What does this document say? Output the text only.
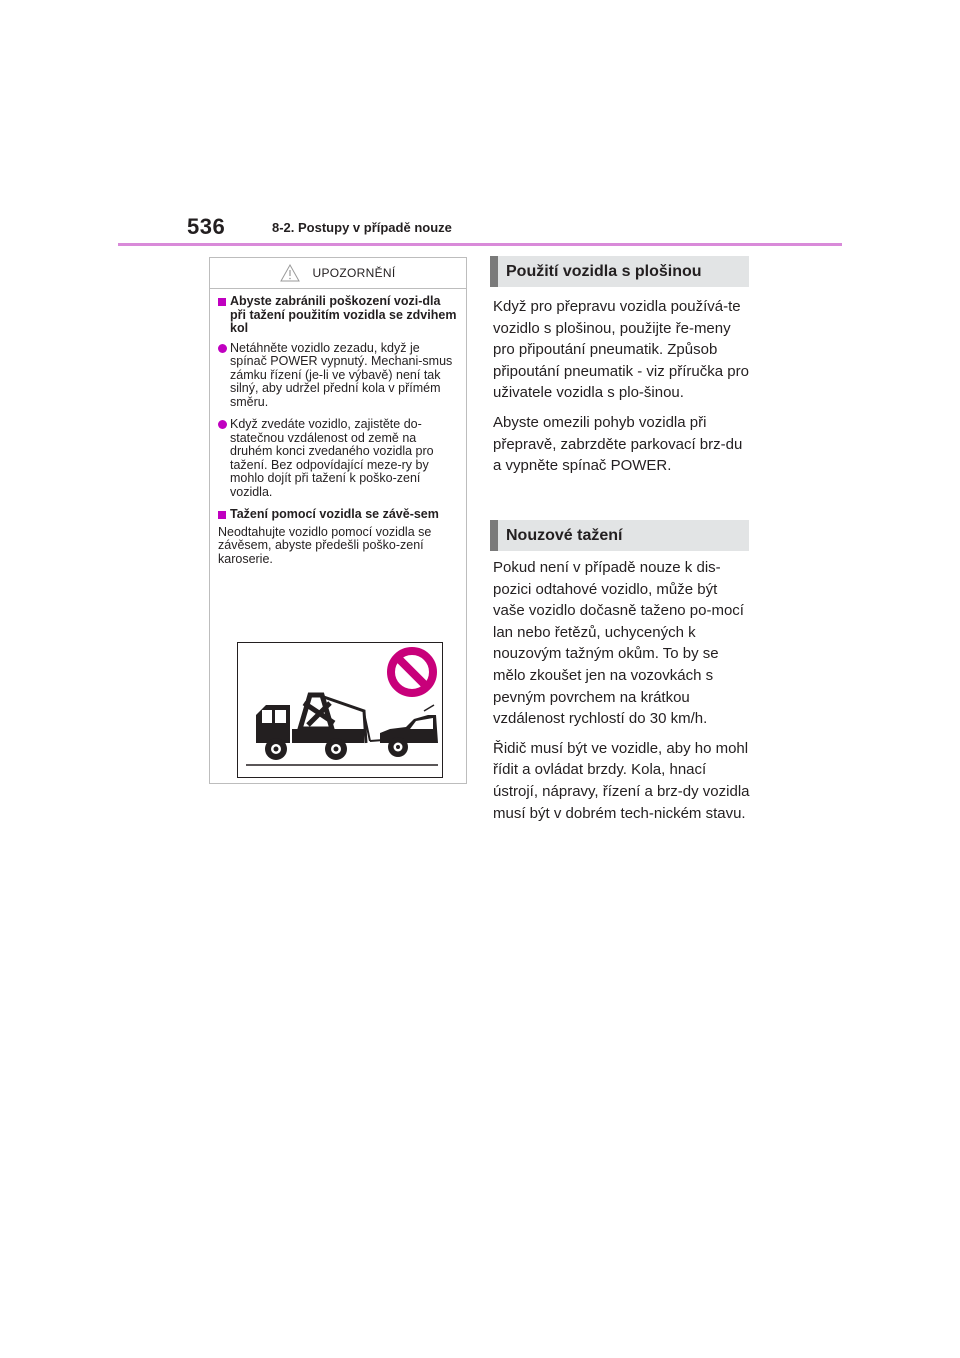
536	8-2. Postupy v případě nouze
UPOZORNĚNÍ
Abyste zabránili poškození vozi-dla při tažení použitím vozidla se zdvihem kol
Netáhněte vozidlo zezadu, když je spínač POWER vypnutý. Mechani-smus zámku řízení (je-li ve výbavě) není tak silný, aby udržel přední kola v přímém směru.
Když zvedáte vozidlo, zajistěte do-statečnou vzdálenost od země na druhém konci zvedaného vozidla pro tažení. Bez odpovídající meze-ry by mohlo dojít při tažení k poško-zení vozidla.
Tažení pomocí vozidla se závě-sem
Neodtahujte vozidlo pomocí vozidla se závěsem, abyste předešli poško-zení karoserie.
Použití vozidla s plošinou

Když pro přepravu vozidla používá-te vozidlo s plošinou, použijte ře-meny pro připoutání pneumatik. Způsob připoutání pneumatik - viz příručka pro uživatele vozidla s plo-šinou.

Abyste omezili pohyb vozidla při přepravě, zabrzděte parkovací brz-du a vypněte spínač POWER.

Nouzové tažení

Pokud není v případě nouze k dis-pozici odtahové vozidlo, může být vaše vozidlo dočasně taženo po-mocí lan nebo řetězů, uchycených k nouzovým tažným okům. To by se mělo zkoušet jen na vozovkách s pevným povrchem na krátkou vzdálenost rychlostí do 30 km/h.

Řidič musí být ve vozidle, aby ho mohl řídit a ovládat brzdy. Kola, hnací ústrojí, nápravy, řízení a brz-dy vozidla musí být v dobrém tech-nickém stavu.
